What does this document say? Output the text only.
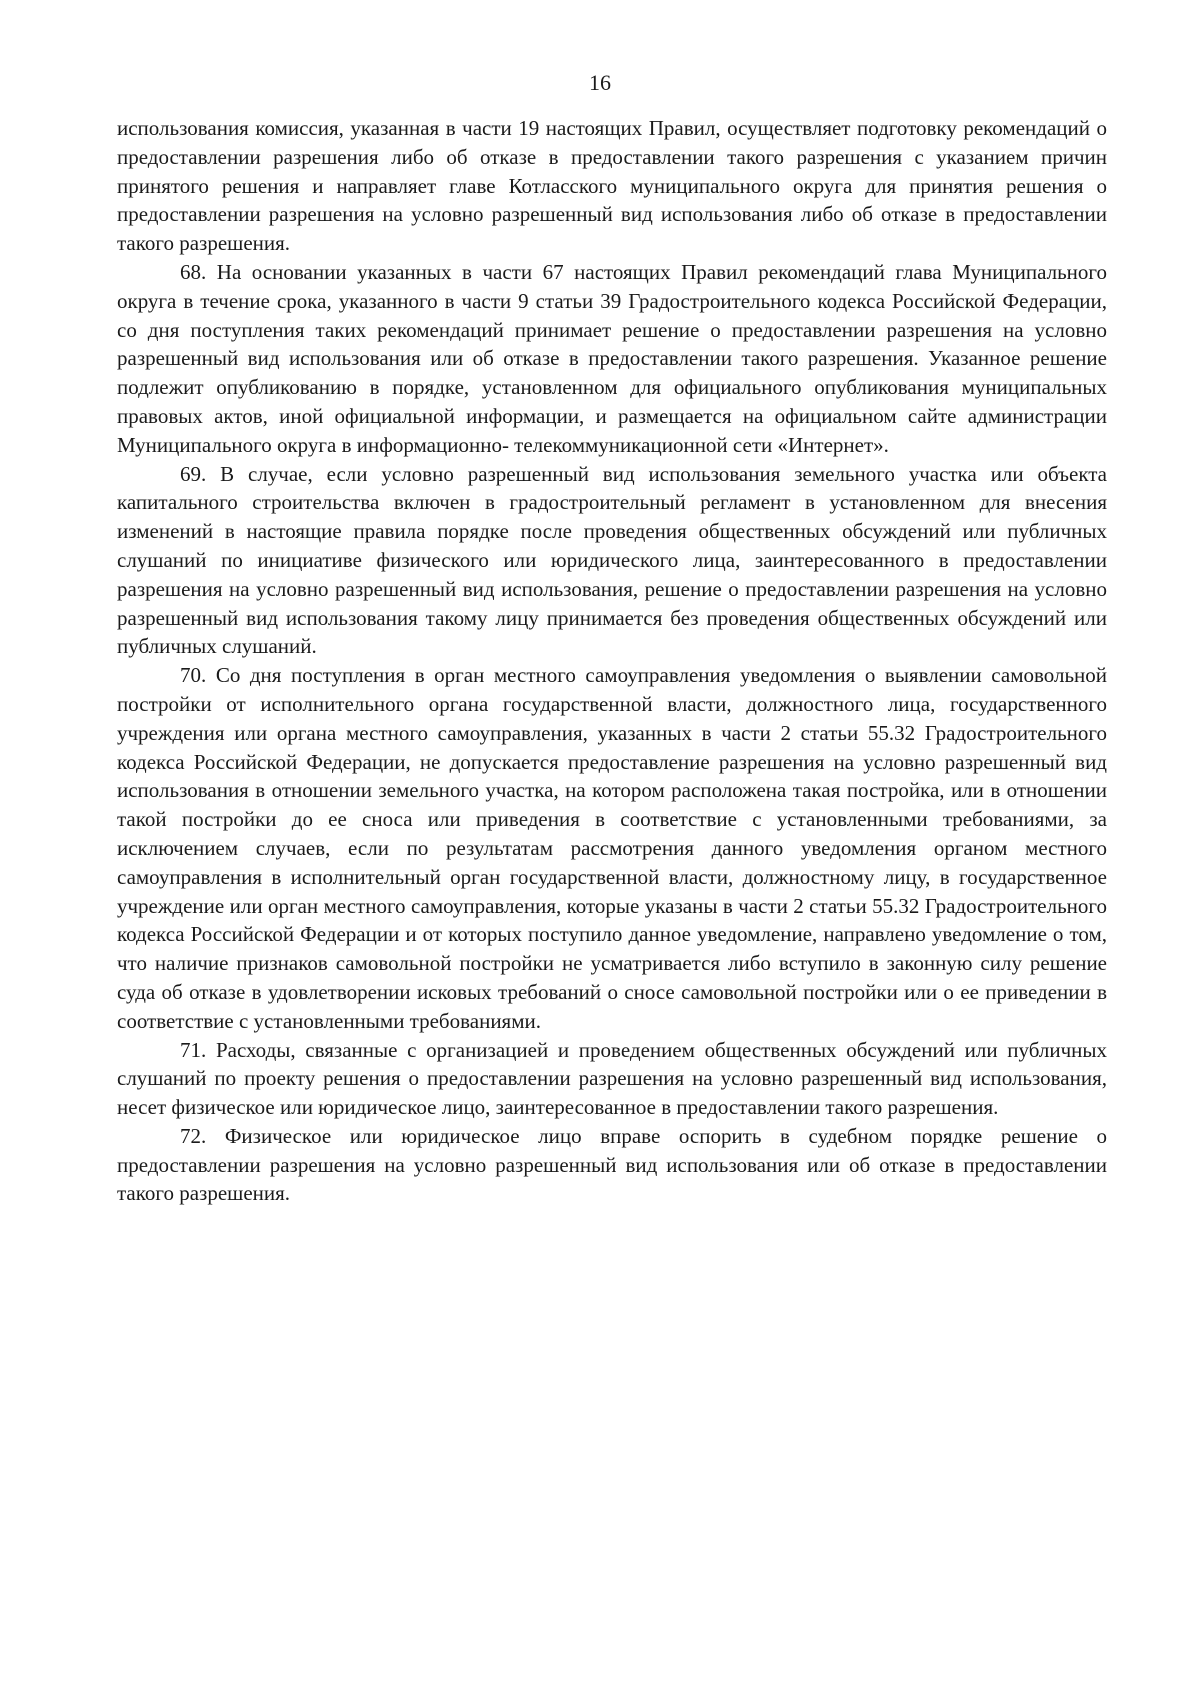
16

использования комиссия, указанная в части 19 настоящих Правил, осуществляет подготовку рекомендаций о предоставлении разрешения либо об отказе в предоставлении такого разрешения с указанием причин принятого решения и направляет главе Котласского муниципального округа для принятия решения о предоставлении разрешения на условно разрешенный вид использования либо об отказе в предоставлении такого разрешения.

68. На основании указанных в части 67 настоящих Правил рекомендаций глава Муниципального округа в течение срока, указанного в части 9 статьи 39 Градостроительного кодекса Российской Федерации, со дня поступления таких рекомендаций принимает решение о предоставлении разрешения на условно разрешенный вид использования или об отказе в предоставлении такого разрешения. Указанное решение подлежит опубликованию в порядке, установленном для официального опубликования муниципальных правовых актов, иной официальной информации, и размещается на официальном сайте администрации Муниципального округа в информационно- телекоммуникационной сети «Интернет».

69. В случае, если условно разрешенный вид использования земельного участка или объекта капитального строительства включен в градостроительный регламент в установленном для внесения изменений в настоящие правила порядке после проведения общественных обсуждений или публичных слушаний по инициативе физического или юридического лица, заинтересованного в предоставлении разрешения на условно разрешенный вид использования, решение о предоставлении разрешения на условно разрешенный вид использования такому лицу принимается без проведения общественных обсуждений или публичных слушаний.

70. Со дня поступления в орган местного самоуправления уведомления о выявлении самовольной постройки от исполнительного органа государственной власти, должностного лица, государственного учреждения или органа местного самоуправления, указанных в части 2 статьи 55.32 Градостроительного кодекса Российской Федерации, не допускается предоставление разрешения на условно разрешенный вид использования в отношении земельного участка, на котором расположена такая постройка, или в отношении такой постройки до ее сноса или приведения в соответствие с установленными требованиями, за исключением случаев, если по результатам рассмотрения данного уведомления органом местного самоуправления в исполнительный орган государственной власти, должностному лицу, в государственное учреждение или орган местного самоуправления, которые указаны в части 2 статьи 55.32 Градостроительного кодекса Российской Федерации и от которых поступило данное уведомление, направлено уведомление о том, что наличие признаков самовольной постройки не усматривается либо вступило в законную силу решение суда об отказе в удовлетворении исковых требований о сносе самовольной постройки или о ее приведении в соответствие с установленными требованиями.

71. Расходы, связанные с организацией и проведением общественных обсуждений или публичных слушаний по проекту решения о предоставлении разрешения на условно разрешенный вид использования, несет физическое или юридическое лицо, заинтересованное в предоставлении такого разрешения.

72. Физическое или юридическое лицо вправе оспорить в судебном порядке решение о предоставлении разрешения на условно разрешенный вид использования или об отказе в предоставлении такого разрешения.
